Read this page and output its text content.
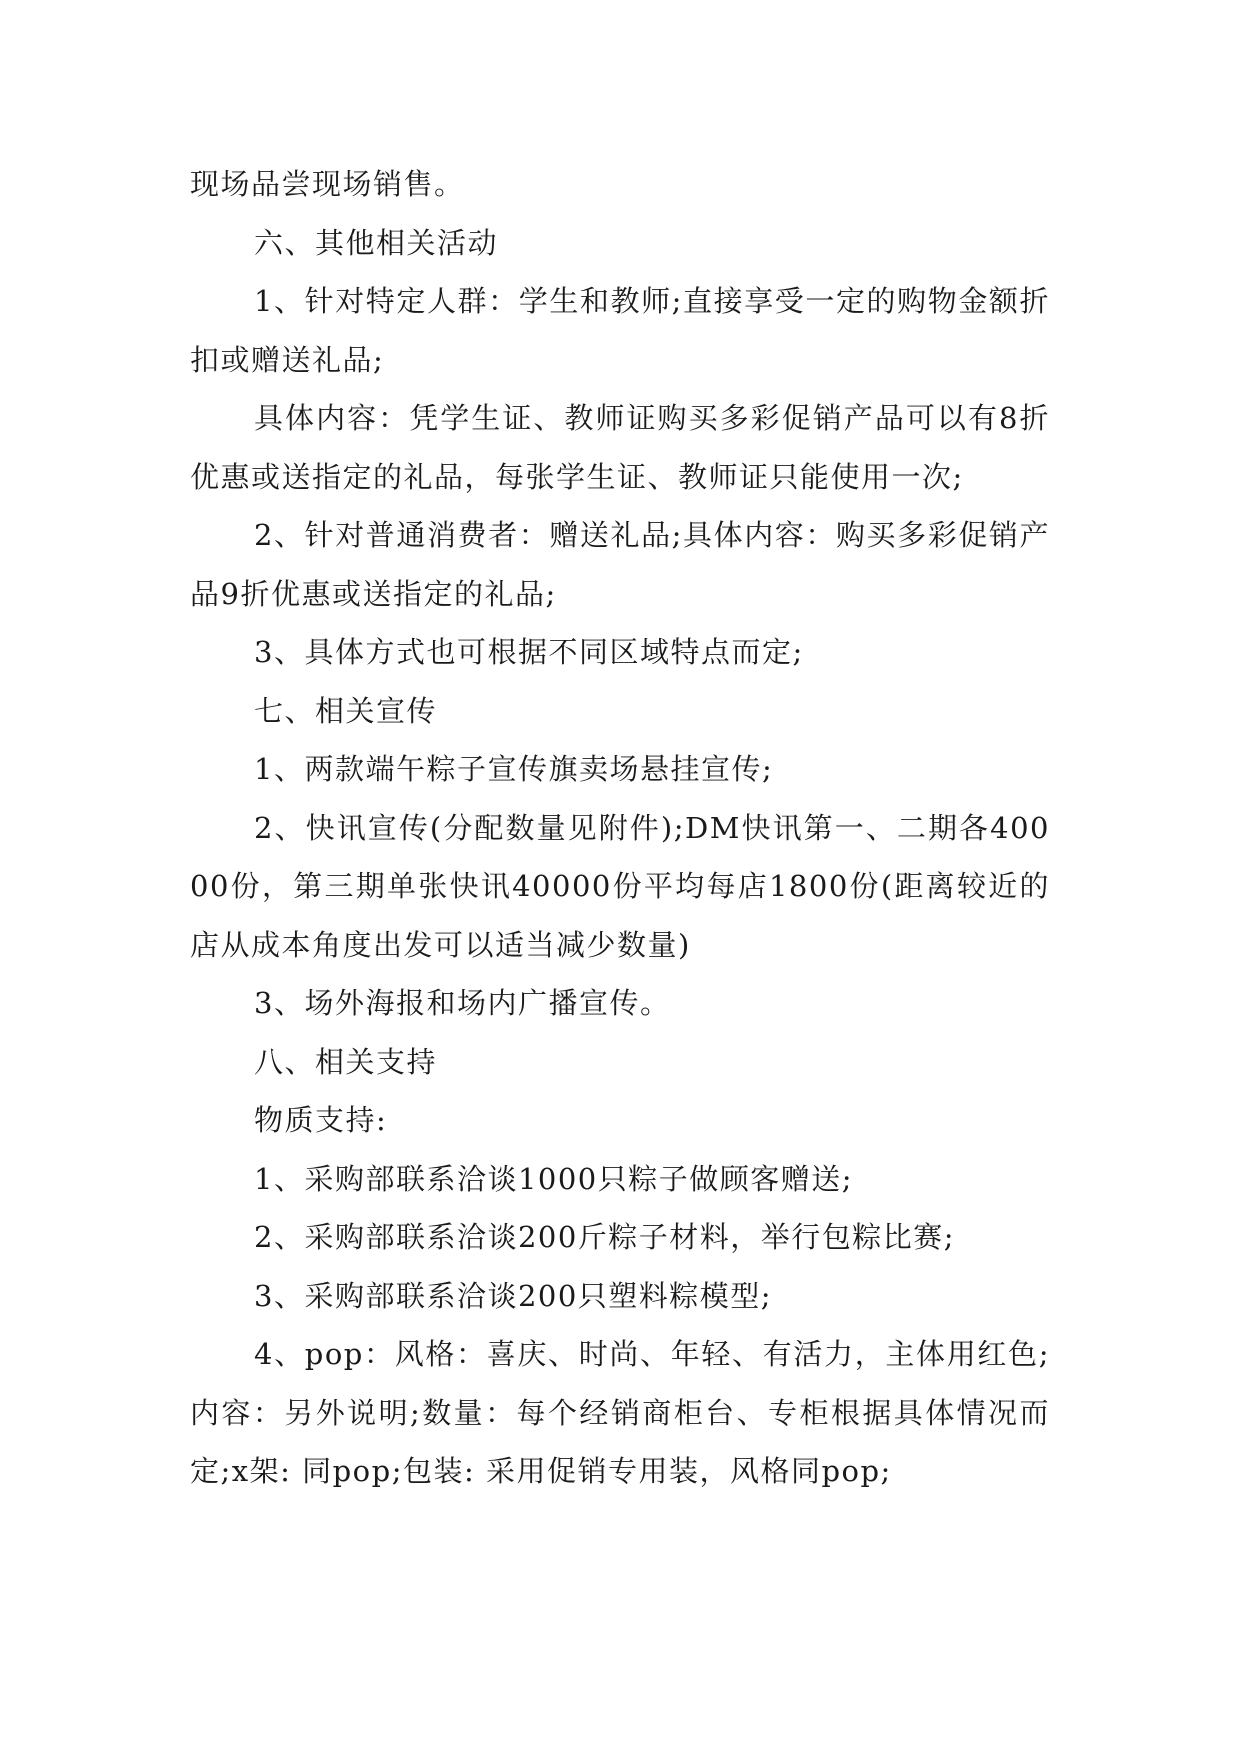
现场品尝现场销售。

六、其他相关活动

1、针对特定人群：学生和教师;直接享受一定的购物金额折扣或赠送礼品;

具体内容：凭学生证、教师证购买多彩促销产品可以有8折优惠或送指定的礼品，每张学生证、教师证只能使用一次;

2、针对普通消费者：赠送礼品;具体内容：购买多彩促销产品9折优惠或送指定的礼品;

3、具体方式也可根据不同区域特点而定;

七、相关宣传

1、两款端午粽子宣传旗卖场悬挂宣传;

2、快讯宣传(分配数量见附件);DM快讯第一、二期各40000份，第三期单张快讯40000份平均每店1800份(距离较近的店从成本角度出发可以适当减少数量)

3、场外海报和场内广播宣传。

八、相关支持

物质支持:

1、采购部联系洽谈1000只粽子做顾客赠送;

2、采购部联系洽谈200斤粽子材料，举行包粽比赛;

3、采购部联系洽谈200只塑料粽模型;

4、pop：风格：喜庆、时尚、年轻、有活力，主体用红色;内容：另外说明;数量：每个经销商柜台、专柜根据具体情况而定;x架: 同pop;包装: 采用促销专用装，风格同pop;
